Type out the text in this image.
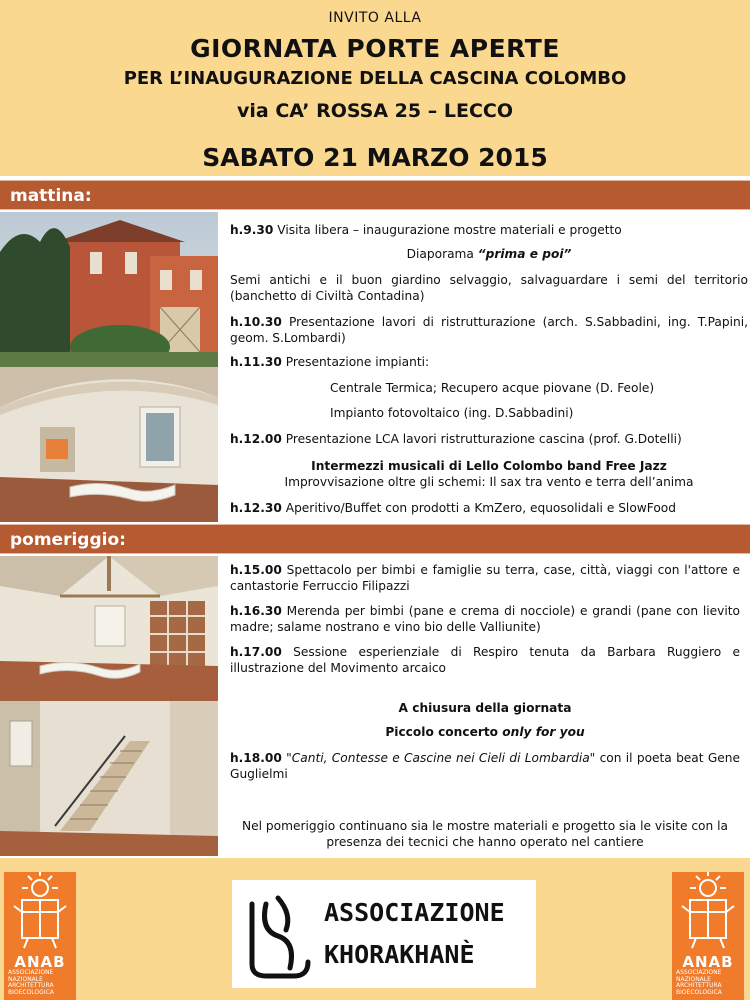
INVITO ALLA
GIORNATA PORTE APERTE
PER L’INAUGURAZIONE DELLA CASCINA COLOMBO
via CA’ ROSSA 25 – LECCO
SABATO 21 MARZO 2015
mattina:

h.9.30 Visita libera – inaugurazione mostre materiali e progetto

Diaporama “prima e poi”

Semi antichi e il buon giardino selvaggio, salvaguardare i semi del territorio (banchetto di Civiltà Contadina)

h.10.30 Presentazione lavori di ristrutturazione (arch. S.Sabbadini, ing. T.Papini, geom. S.Lombardi)

h.11.30 Presentazione impianti:

Centrale Termica; Recupero acque piovane (D. Feole)

Impianto fotovoltaico (ing. D.Sabbadini)

h.12.00 Presentazione LCA lavori ristrutturazione cascina (prof. G.Dotelli)

Intermezzi musicali di Lello Colombo band Free Jazz
Improvvisazione oltre gli schemi: Il sax tra vento e terra dell’anima

h.12.30 Aperitivo/Buffet con prodotti a KmZero, equosolidali e SlowFood

pomeriggio:

h.15.00 Spettacolo per bimbi e famiglie su terra, case, città, viaggi con l'attore e cantastorie Ferruccio Filipazzi

h.16.30 Merenda per bimbi (pane e crema di nocciole) e grandi (pane con lievito madre; salame nostrano e vino bio delle Valliunite)

h.17.00 Sessione esperienziale di Respiro tenuta da Barbara Ruggiero e illustrazione del Movimento arcaico

A chiusura della giornata

Piccolo concerto only for you

h.18.00 "Canti, Contesse e Cascine nei Cieli di Lombardia" con il poeta beat Gene Guglielmi

Nel pomeriggio continuano sia le mostre materiali e progetto sia le visite con la presenza dei tecnici che hanno operato nel cantiere

ANAB
ASSOCIAZIONE NAZIONALE ARCHITETTURA BIOECOLOGICA
ASSOCIAZIONE
KHORAKHANÈ	ANAB
ASSOCIAZIONE NAZIONALE ARCHITETTURA BIOECOLOGICA
